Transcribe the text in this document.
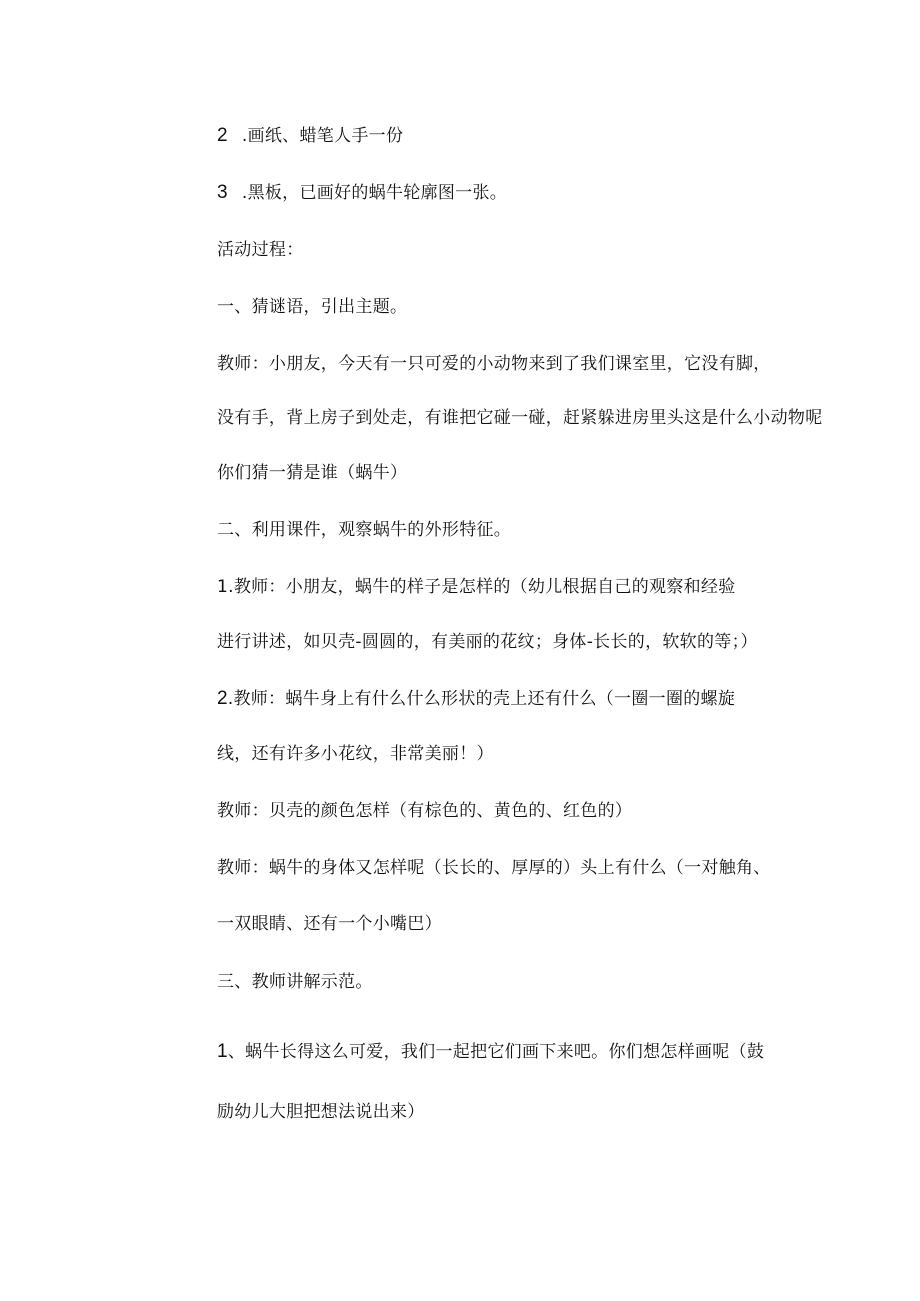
2 .画纸、蜡笔人手一份
3 .黑板，已画好的蜗牛轮廓图一张。
活动过程：
一、猜谜语，引出主题。
教师：小朋友，今天有一只可爱的小动物来到了我们课室里，它没有脚，
没有手，背上房子到处走，有谁把它碰一碰，赶紧躲进房里头这是什么小动物呢
你们猜一猜是谁（蜗牛）
二、利用课件，观察蜗牛的外形特征。
1.教师：小朋友，蜗牛的样子是怎样的（幼儿根据自己的观察和经验
进行讲述，如贝壳-圆圆的，有美丽的花纹；身体-长长的，软软的等；）
2.教师：蜗牛身上有什么什么形状的壳上还有什么（一圈一圈的螺旋
线，还有许多小花纹，非常美丽！）
教师：贝壳的颜色怎样（有棕色的、黄色的、红色的）
教师：蜗牛的身体又怎样呢（长长的、厚厚的）头上有什么（一对触角、
一双眼睛、还有一个小嘴巴）
三、教师讲解示范。
1、蜗牛长得这么可爱，我们一起把它们画下来吧。你们想怎样画呢（鼓
励幼儿大胆把想法说出来）
